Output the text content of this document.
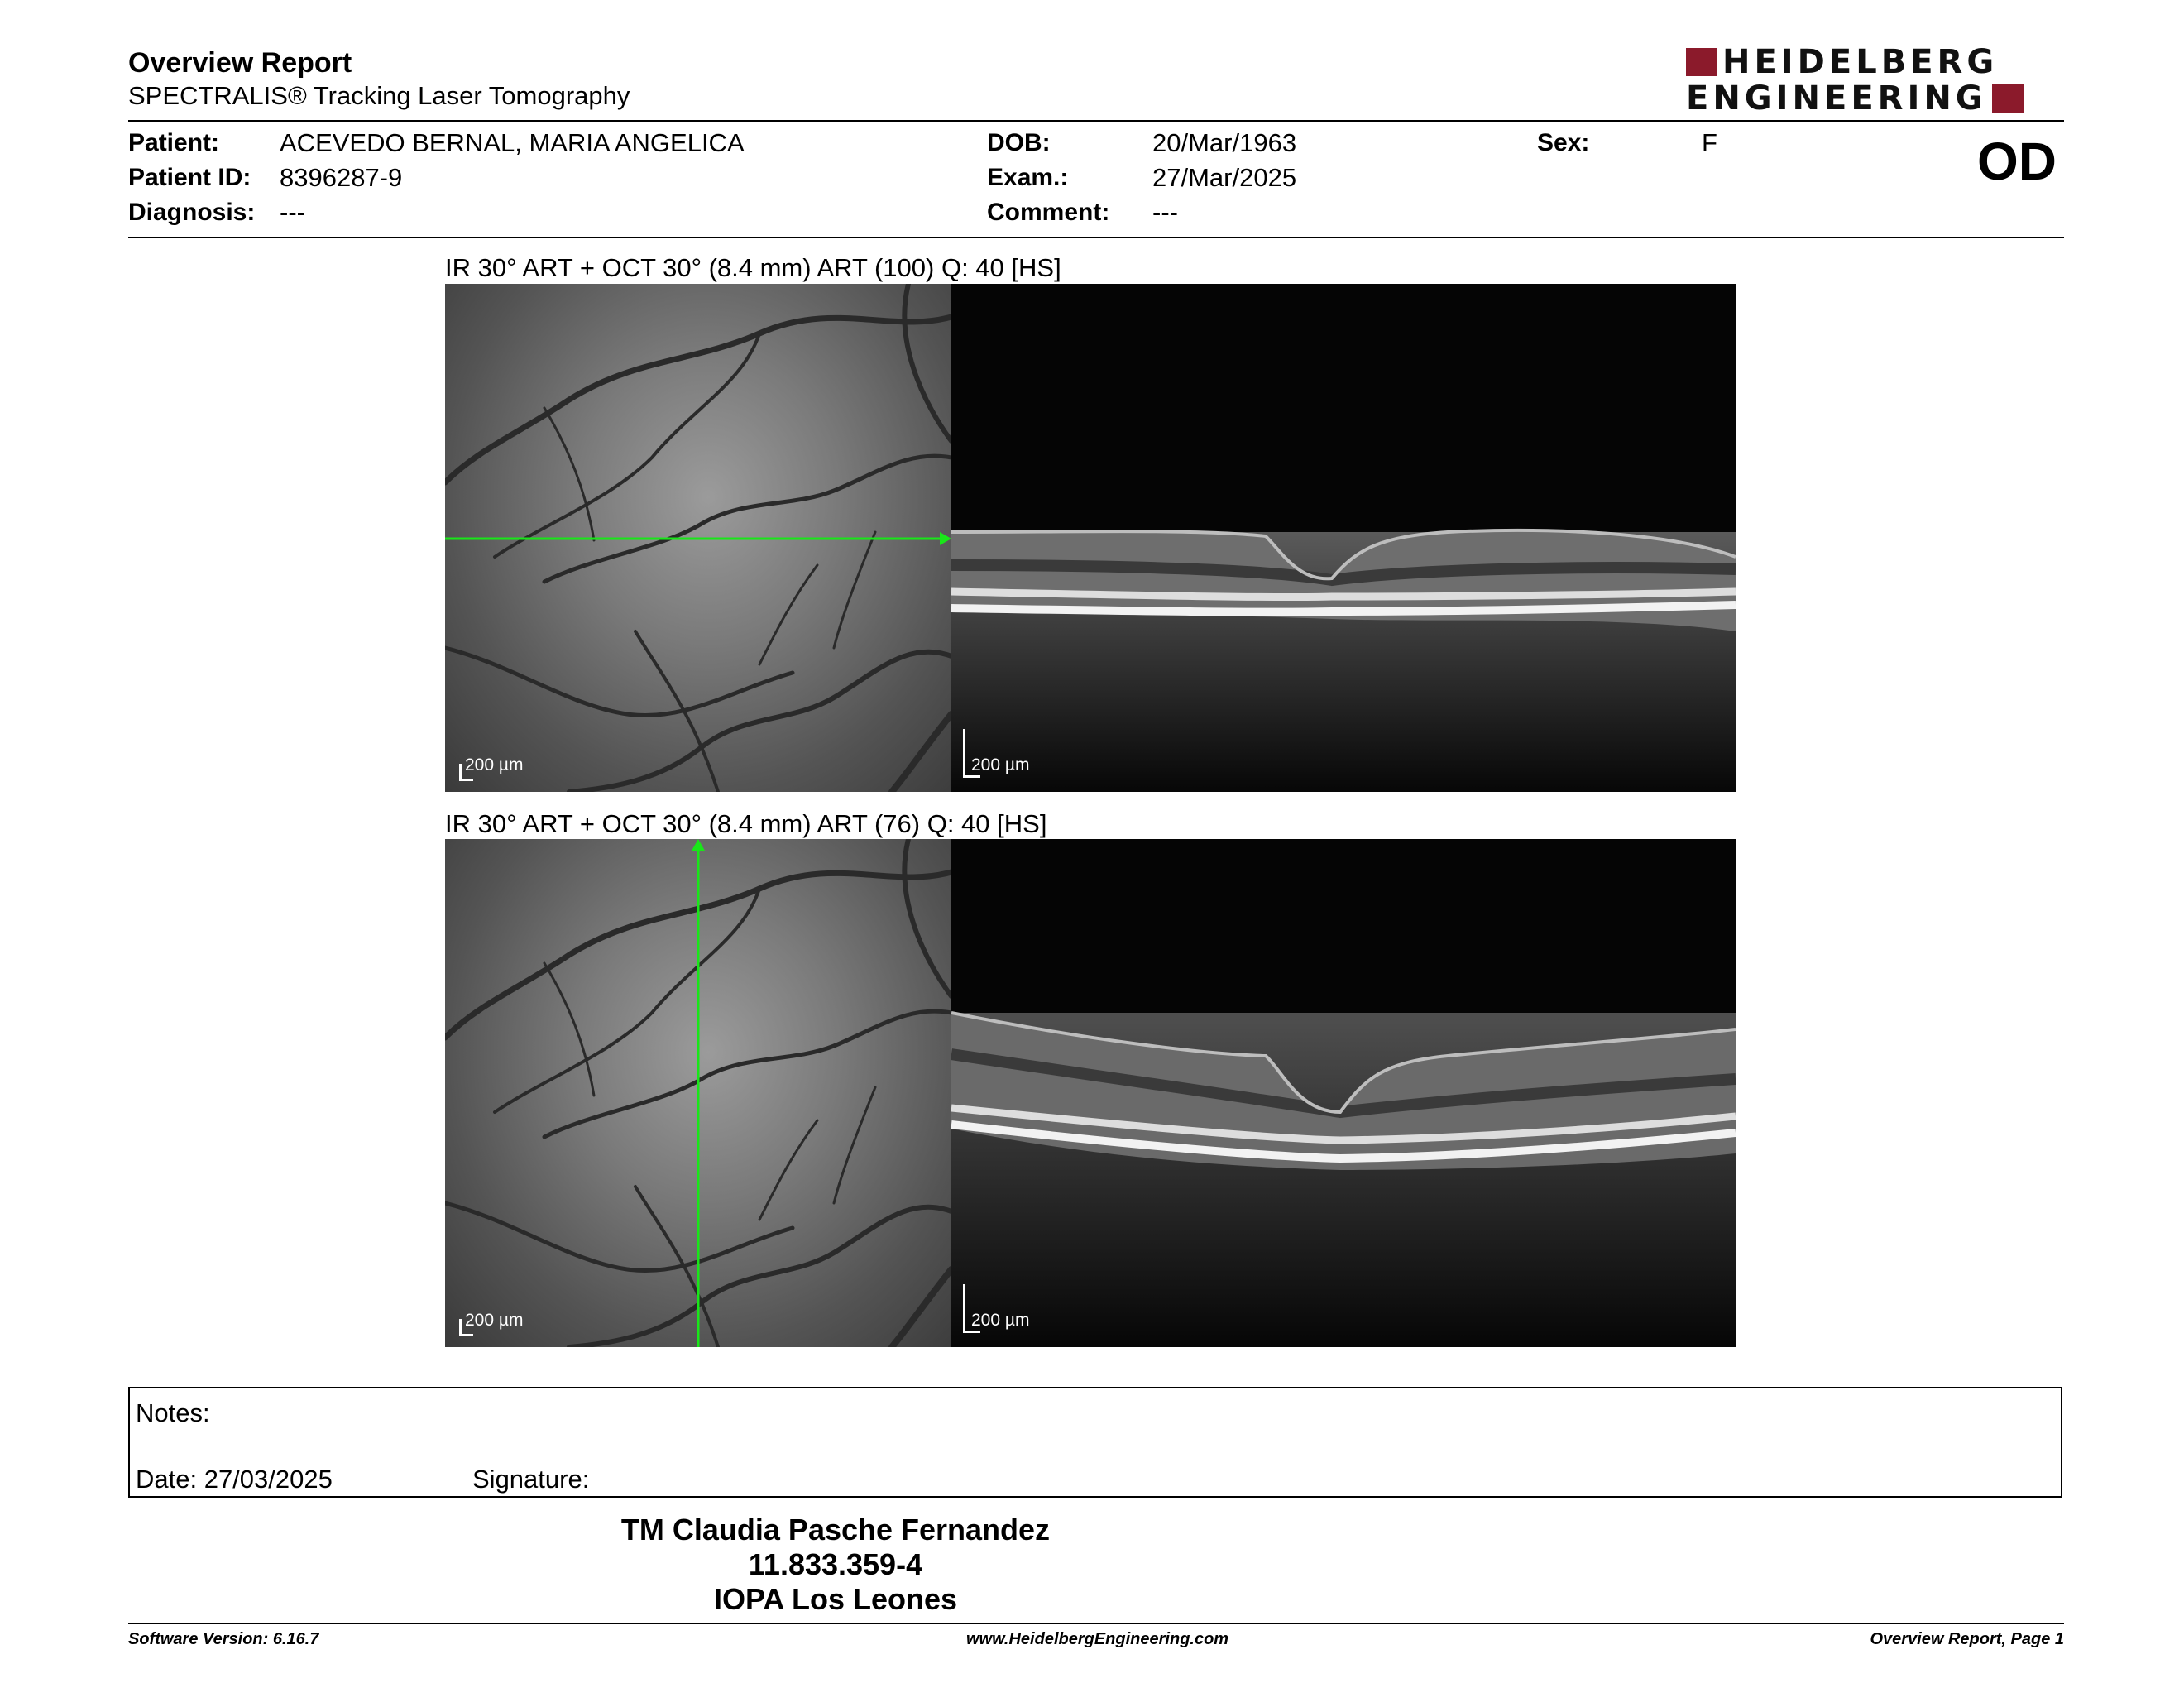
Overview Report
SPECTRALIS® Tracking Laser Tomography
HEIDELBERG
ENGINEERING
Patient: ACEVEDO BERNAL, MARIA ANGELICA
Patient ID: 8396287-9
Diagnosis: ---
DOB:	20/Mar/1963
Exam.:	27/Mar/2025
Comment: ---
Sex:	F	OD
IR 30° ART + OCT 30° (8.4 mm) ART (100) Q: 40 [HS]
200 µm	200 µm
IR 30° ART + OCT 30° (8.4 mm) ART (76) Q: 40 [HS]
200 µm	200 µm
Notes:
Date: 27/03/2025	Signature:
TM Claudia Pasche Fernandez
11.833.359-4
IOPA Los Leones
Software Version: 6.16.7	www.HeidelbergEngineering.com	Overview Report, Page 1
